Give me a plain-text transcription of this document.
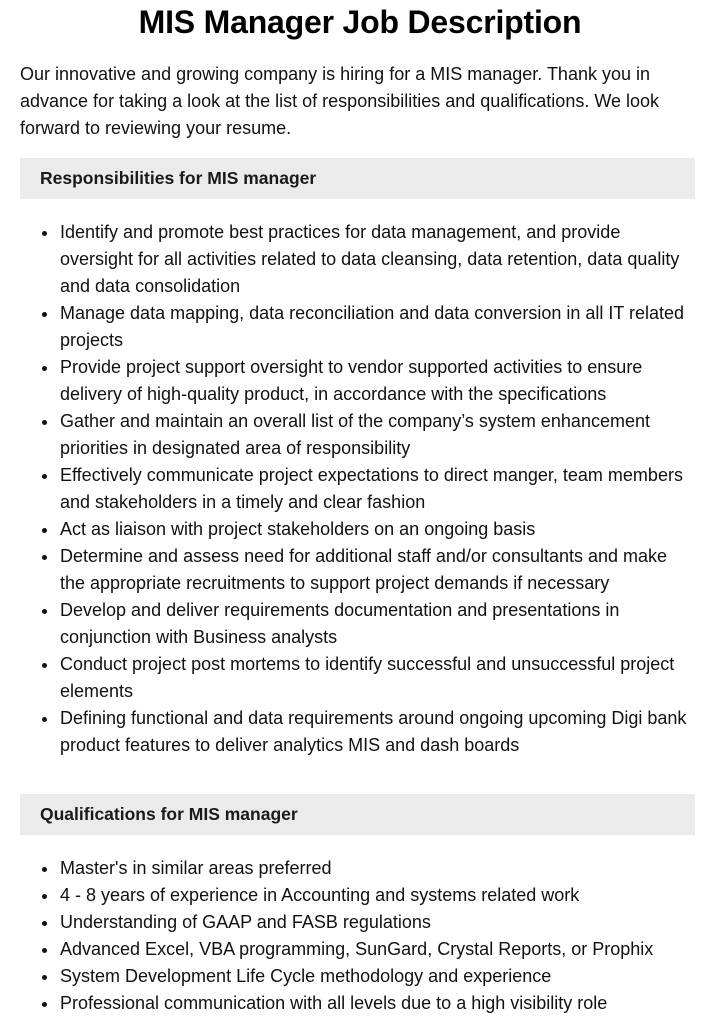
MIS Manager Job Description

Our innovative and growing company is hiring for a MIS manager. Thank you in advance for taking a look at the list of responsibilities and qualifications. We look forward to reviewing your resume.

Responsibilities for MIS manager
Identify and promote best practices for data management, and provide oversight for all activities related to data cleansing, data retention, data quality and data consolidation
Manage data mapping, data reconciliation and data conversion in all IT related projects
Provide project support oversight to vendor supported activities to ensure delivery of high-quality product, in accordance with the specifications
Gather and maintain an overall list of the company’s system enhancement priorities in designated area of responsibility
Effectively communicate project expectations to direct manger, team members and stakeholders in a timely and clear fashion
Act as liaison with project stakeholders on an ongoing basis
Determine and assess need for additional staff and/or consultants and make the appropriate recruitments to support project demands if necessary
Develop and deliver requirements documentation and presentations in conjunction with Business analysts
Conduct project post mortems to identify successful and unsuccessful project elements
Defining functional and data requirements around ongoing upcoming Digi bank product features to deliver analytics MIS and dash boards
Qualifications for MIS manager
Master's in similar areas preferred
4 - 8 years of experience in Accounting and systems related work
Understanding of GAAP and FASB regulations
Advanced Excel, VBA programming, SunGard, Crystal Reports, or Prophix
System Development Life Cycle methodology and experience
Professional communication with all levels due to a high visibility role
